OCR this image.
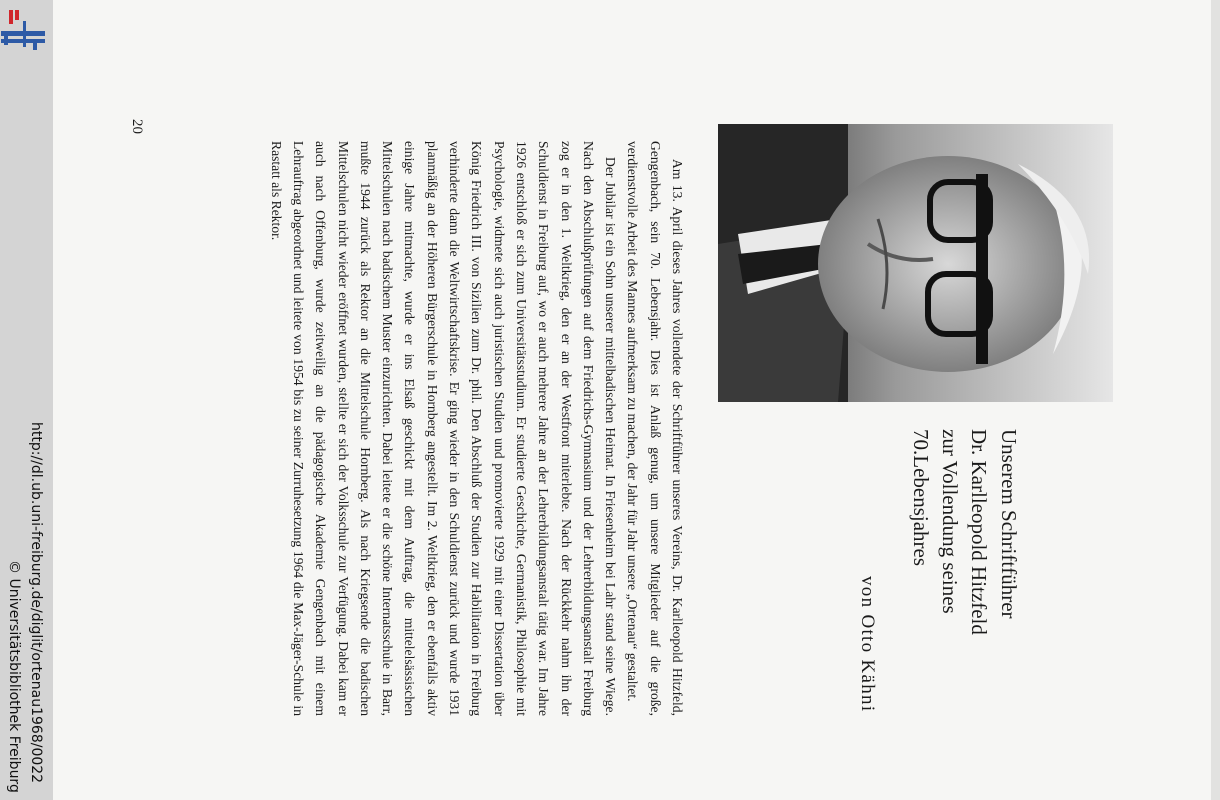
http://dl.ub.uni-freiburg.de/diglit/ortenau1968/0022
© Universitätsbibliothek Freiburg
Unserem Schriftführer
Dr. Karlleopold Hitzfeld
zur Vollendung seines
70.Lebensjahres
von Otto Kähni

Am 13. April dieses Jahres vollendete der Schriftführer unseres Vereins, Dr. Karlleopold Hitzfeld, Gengenbach, sein 70. Lebensjahr. Dies ist Anlaß genug, um unsere Mitglieder auf die große, verdienstvolle Arbeit des Mannes aufmerksam zu machen, der Jahr für Jahr unsere „Ortenau“ gestaltet.

Der Jubilar ist ein Sohn unserer mittelbadischen Heimat. In Friesenheim bei Lahr stand seine Wiege. Nach den Abschlußprüfungen auf dem Friedrichs-Gymnasium und der Lehrerbildungsanstalt Freiburg zog er in den 1. Weltkrieg, den er an der Westfront miterlebte. Nach der Rückkehr nahm ihn der Schuldienst in Freiburg auf, wo er auch mehrere Jahre an der Lehrerbildungsanstalt tätig war. Im Jahre 1926 entschloß er sich zum Universitätsstudium. Er studierte Geschichte, Germanistik, Philosophie mit Psychologie, widmete sich auch juristischen Studien und promovierte 1929 mit einer Dissertation über König Friedrich III. von Sizilien zum Dr. phil. Den Abschluß der Studien zur Habilitation in Freiburg verhinderte dann die Weltwirtschaftskrise. Er ging wieder in den Schuldienst zurück und wurde 1931 planmäßig an der Höheren Bürgerschule in Hornberg angestellt. Im 2. Weltkrieg, den er ebenfalls aktiv einige Jahre mitmachte, wurde er ins Elsaß geschickt mit dem Auftrag, die mittelelsässischen Mittelschulen nach badischem Muster einzurichten. Dabei leitete er die schöne Internatsschule in Barr, mußte 1944 zurück als Rektor an die Mittelschule Hornberg. Als nach Kriegsende die badischen Mittelschulen nicht wieder eröffnet wurden, stellte er sich der Volksschule zur Verfügung. Dabei kam er auch nach Offenburg, wurde zeitweilig an die pädagogische Akademie Gengenbach mit einem Lehrauftrag abgeordnet und leitete von 1954 bis zu seiner Zurruhesetzung 1964 die Max-Jäger-Schule in Rastatt als Rektor.

20
